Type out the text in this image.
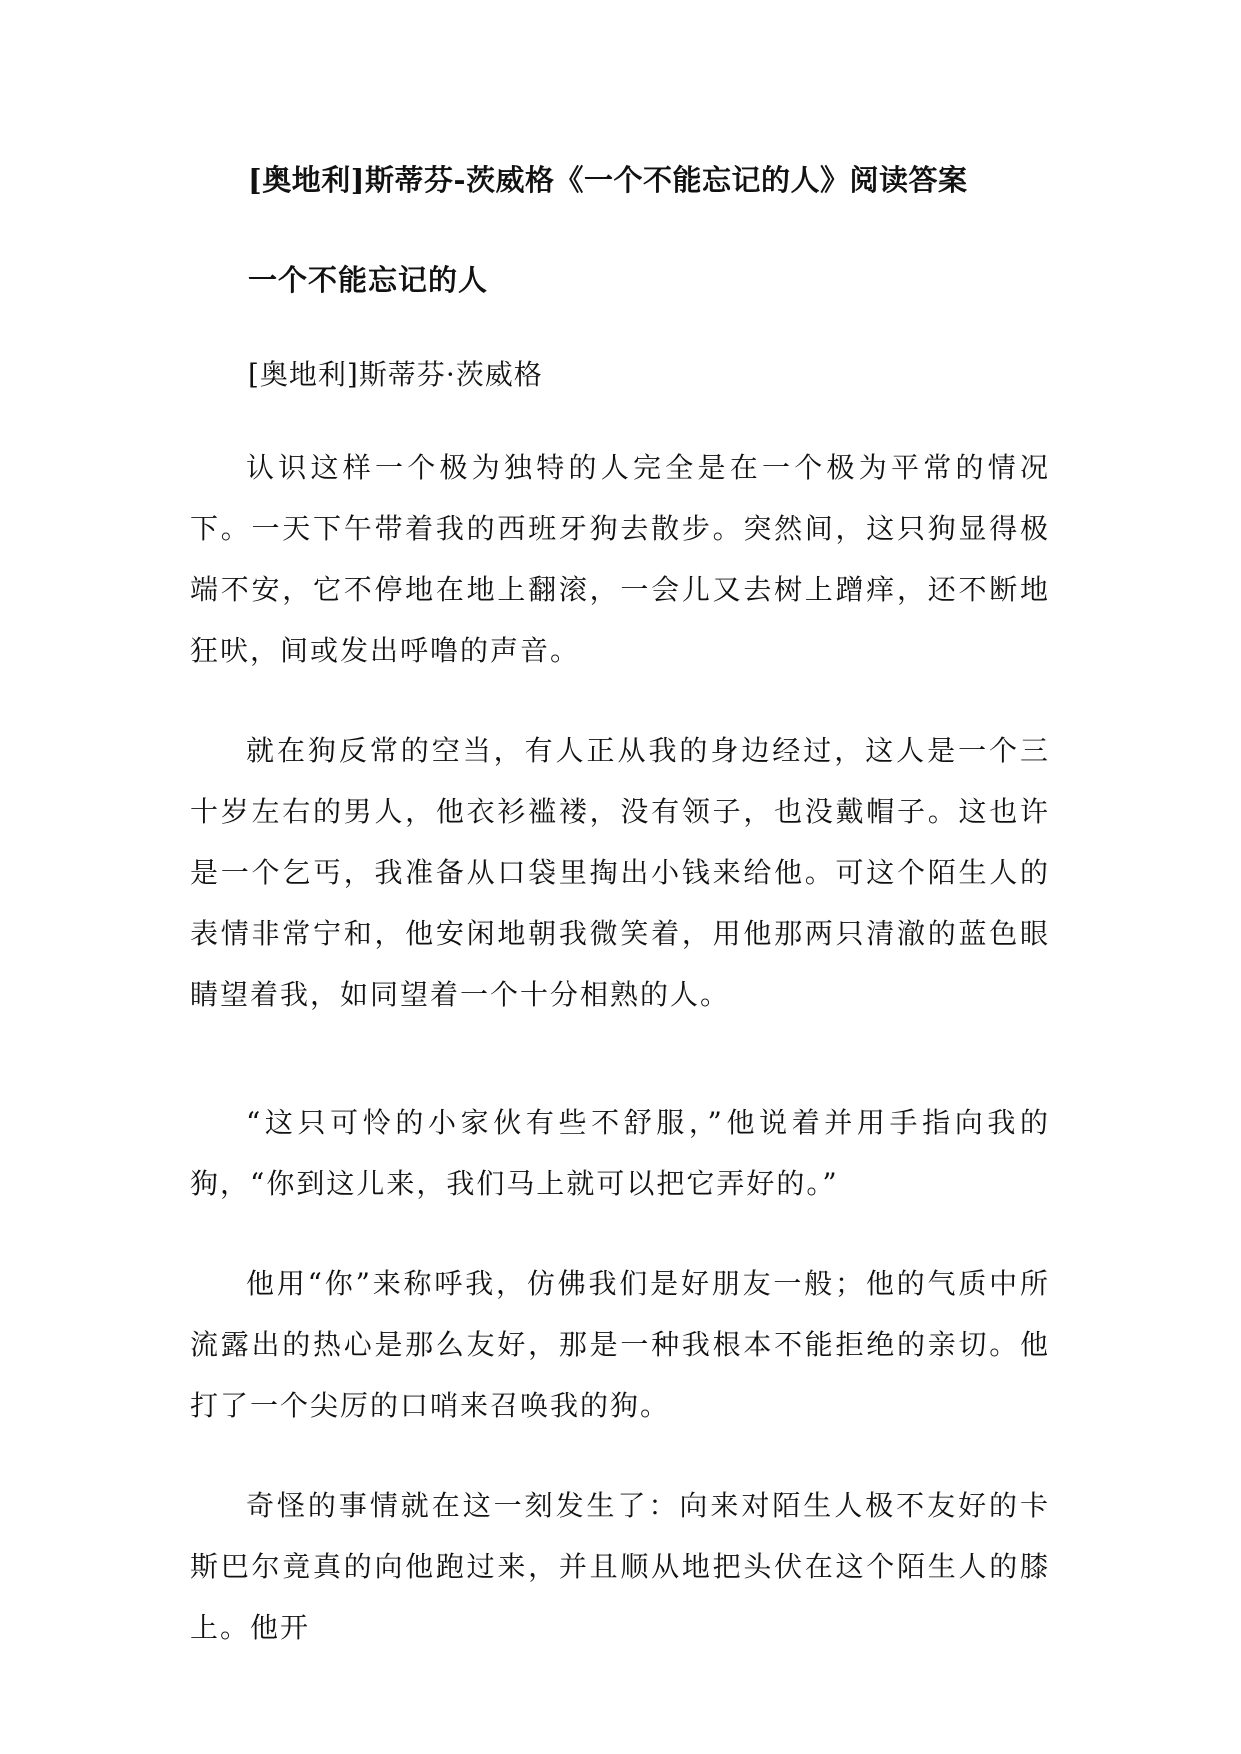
[奥地利]斯蒂芬-茨威格《一个不能忘记的人》阅读答案
一个不能忘记的人
[奥地利]斯蒂芬·茨威格
认识这样一个极为独特的人完全是在一个极为平常的情况下。一天下午带着我的西班牙狗去散步。突然间，这只狗显得极端不安，它不停地在地上翻滚，一会儿又去树上蹭痒，还不断地狂吠，间或发出呼噜的声音。
就在狗反常的空当，有人正从我的身边经过，这人是一个三十岁左右的男人，他衣衫褴褛，没有领子，也没戴帽子。这也许是一个乞丐，我准备从口袋里掏出小钱来给他。可这个陌生人的表情非常宁和，他安闲地朝我微笑着，用他那两只清澈的蓝色眼睛望着我，如同望着一个十分相熟的人。
“这只可怜的小家伙有些不舒服，”他说着并用手指向我的狗，“你到这儿来，我们马上就可以把它弄好的。”
他用“你”来称呼我，仿佛我们是好朋友一般；他的气质中所流露出的热心是那么友好，那是一种我根本不能拒绝的亲切。他打了一个尖厉的口哨来召唤我的狗。
奇怪的事情就在这一刻发生了：向来对陌生人极不友好的卡斯巴尔竟真的向他跑过来，并且顺从地把头伏在这个陌生人的膝上。他开
